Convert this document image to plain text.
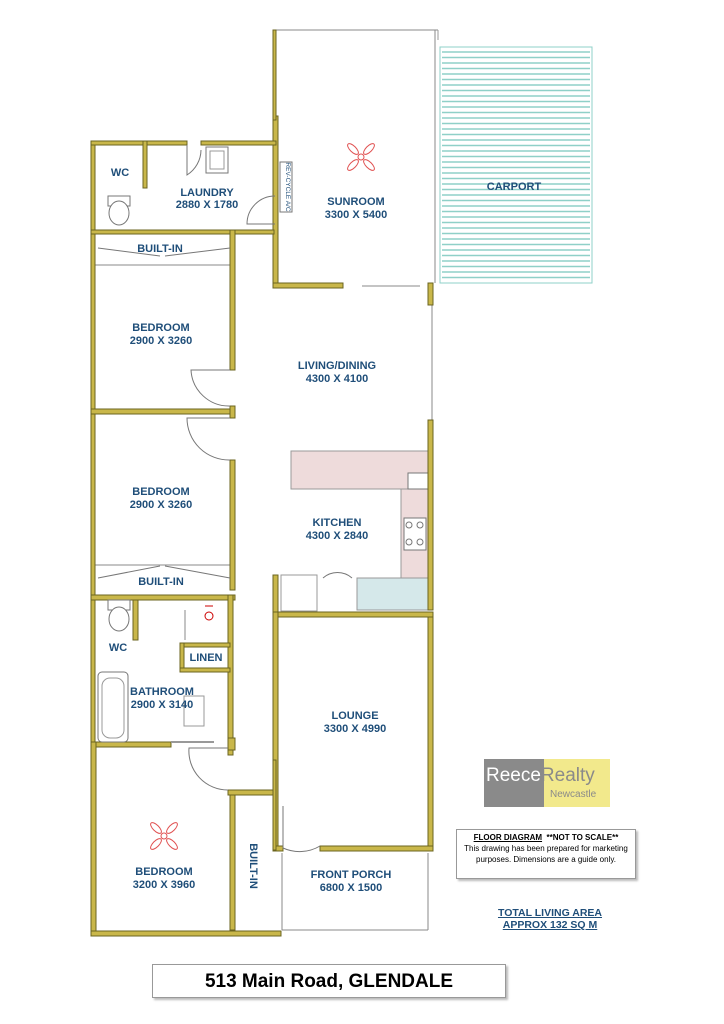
WC
LAUNDRY
2880 X 1780	SUNROOM
3300 X 5400
CARPORT
BUILT-IN
BEDROOM
2900 X 3260
LIVING/DINING
4300 X 4100
BEDROOM
2900 X 3260
KITCHEN
4300 X 2840
BUILT-IN
WC
LINEN
BATHROOM
2900 X 3140
LOUNGE
3300 X 4990
BUILT-IN
BEDROOM
3200 X 3960
FRONT PORCH
6800 X 1500
REV-CYCLE A/C
ReeceRealty
Newcastle
FLOOR DIAGRAM **NOT TO SCALE**
This drawing has been prepared for marketing
purposes. Dimensions are a guide only.
TOTAL LIVING AREA
APPROX 132 SQ M
513 Main Road, GLENDALE
